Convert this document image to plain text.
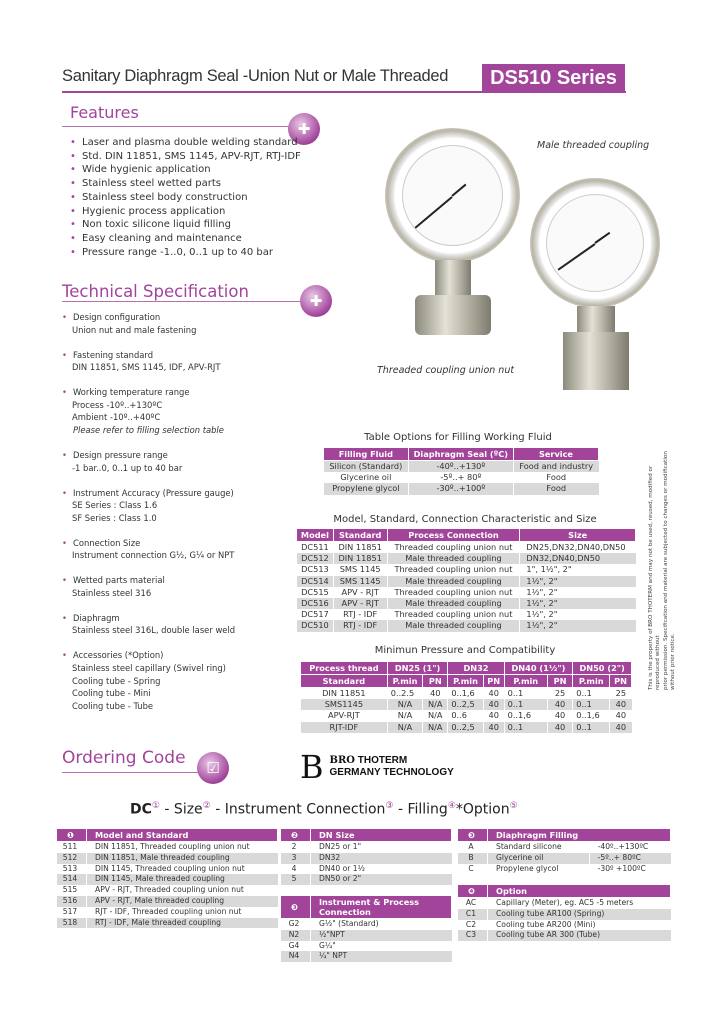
Sanitary Diaphragm Seal -Union Nut or Male Threaded	DS510 Series
Features
✚
• Laser and plasma double welding standard
• Std. DIN 11851, SMS 1145, APV-RJT, RTJ-IDF
• Wide hygienic application
• Stainless steel wetted parts
• Stainless steel body construction
• Hygienic process application
• Non toxic silicone liquid filling
• Easy cleaning and maintenance
• Pressure range -1..0, 0..1 up to 40 bar
Technical Specification	✚
• Design configuration
Union nut and male fastening
• Fastening standard
DIN 11851, SMS 1145, IDF, APV-RJT
• Working temperature range
Process -10º..+130ºC
Ambient -10º..+40ºC
Please refer to filling selection table
• Design pressure range
-1 bar..0, 0..1 up to 40 bar
• Instrument Accuracy (Pressure gauge)
SE Series : Class 1.6
SF Series : Class 1.0
• Connection Size
Instrument connection G½, G¼ or NPT
• Wetted parts material
Stainless steel 316
• Diaphragm
Stainless steel 316L, double laser weld
• Accessories (*Option)
Stainless steel capillary (Swivel ring)
Cooling tube - Spring
Cooling tube - Mini
Cooling tube - Tube
Male threaded coupling
Threaded coupling union nut
Table Options for Filling Working Fluid
Filling Fluid	Diaphragm Seal (ºC)	Service
Silicon (Standard)	-40º..+130º	Food and industry
Glycerine oil	-5º..+ 80º	Food
Propylene glycol	-30º..+100º	Food
Model, Standard, Connection Characteristic and Size
Model	Standard	Process Connection	Size
DC511	DIN 11851	Threaded coupling union nut	DN25,DN32,DN40,DN50
DC512	DIN 11851	Male threaded coupling	DN32,DN40,DN50
DC513	SMS 1145	Threaded coupling union nut	1", 1½", 2"
DC514	SMS 1145	Male threaded coupling	1½", 2"
DC515	APV - RJT	Threaded coupling union nut	1½", 2"
DC516	APV - RJT	Male threaded coupling	1½", 2"
DC517	RTJ - IDF	Threaded coupling union nut	1½", 2"
DC510	RTJ - IDF	Male threaded coupling	1½", 2"
Minimun Pressure and Compatibility
Process thread	DN25 (1")		DN32		DN40 (1½")		DN50 (2")	
Standard	P.min	PN	P.min	PN	P.min	PN	P.min	PN
DIN 11851	0..2.5	40	0..1,6	40	0..1	25	0..1	25
SMS1145	N/A	N/A	0..2,5	40	0..1	40	0..1	40
APV-RJT	N/A	N/A	0..6	40	0..1,6	40	0..1,6	40
RJT-IDF	N/A	N/A	0..2,5	40	0..1	40	0..1	40
Ordering Code	☑	B BRO THOTERM
GERMANY TECHNOLOGY
DC① - Size② - Instrument Connection③ - Filling④*Option⑤
❶	Model and Standard
511	DIN 11851, Threaded coupling union nut
512	DIN 11851, Male threaded coupling
513	DIN 1145, Threaded coupling union nut
514	DIN 1145, Male threaded coupling
515	APV - RJT, Threaded coupling union nut
516	APV - RJT, Male threaded coupling
517	RJT - IDF, Threaded coupling union nut
518	RTJ - IDF, Male threaded coupling
❷	DN Size
2	DN25 or 1"
3	DN32
4	DN40 or 1½
5	DN50 or 2"
❸	Instrument & Process Connection
G2	G½" (Standard)
N2	½"NPT
G4	G¼"
N4	¼" NPT
❸	Diaphragm Filling	
A	Standard silicone	-40º..+130ºC
B	Glycerine oil	-5º..+ 80ºC
C	Propylene glycol	-30º +100ºC
❹	Option
AC	Capillary (Meter), eg. AC5 -5 meters
C1	Cooling tube AR100 (Spring)
C2	Cooling tube AR200 (Mini)
C3	Cooling tube AR 300 (Tube)
This is the property of BRO THOTERM and may not be used, reused, modified or reproduced without prior permission. Specification and material are subjected to changes or modification without prior notice.
